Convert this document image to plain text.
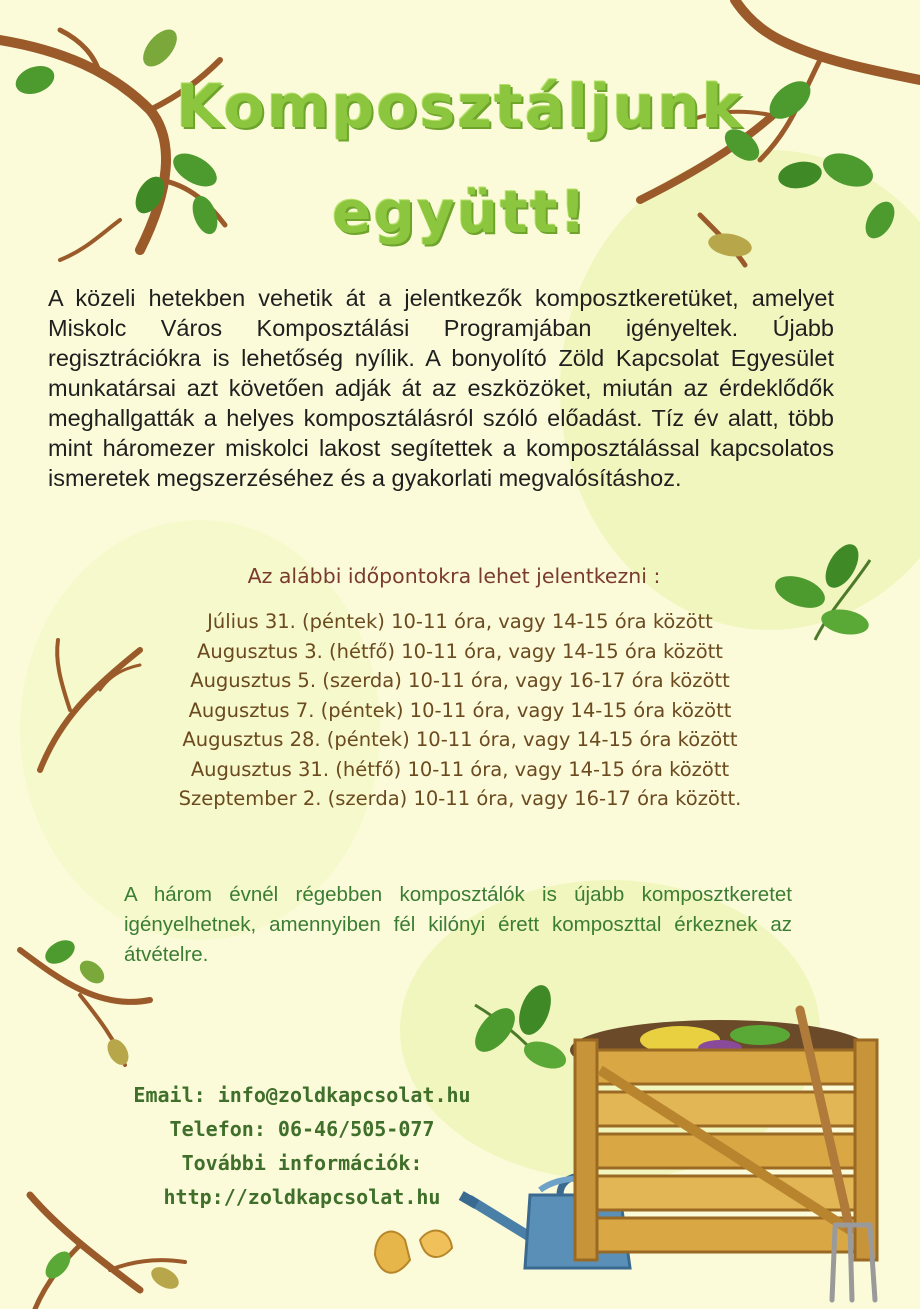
Komposztáljunk
együtt!

A közeli hetekben vehetik át a jelentkezők komposztkeretüket, amelyet Miskolc Város Komposztálási Programjában igényeltek. Újabb regisztrációkra is lehetőség nyílik. A bonyolító Zöld Kapcsolat Egyesület munkatársai azt követően adják át az eszközöket, miután az érdeklődők meghallgatták a helyes komposztálásról szóló előadást. Tíz év alatt, több mint háromezer miskolci lakost segítettek a komposztálással kapcsolatos ismeretek megszerzéséhez és a gyakorlati megvalósításhoz.

Az alábbi időpontokra lehet jelentkezni :
Július 31. (péntek) 10-11 óra, vagy 14-15 óra között
Augusztus 3. (hétfő) 10-11 óra, vagy 14-15 óra között
Augusztus 5. (szerda) 10-11 óra, vagy 16-17 óra között
Augusztus 7. (péntek) 10-11 óra, vagy 14-15 óra között
Augusztus 28. (péntek) 10-11 óra, vagy 14-15 óra között
Augusztus 31. (hétfő) 10-11 óra, vagy 14-15 óra között
Szeptember 2. (szerda) 10-11 óra, vagy 16-17 óra között.

A három évnél régebben komposztálók is újabb komposztkeretet igényelhetnek, amennyiben fél kilónyi érett komposzttal érkeznek az átvételre.

Email: info@zoldkapcsolat.hu
Telefon: 06-46/505-077
További információk:
http://zoldkapcsolat.hu
